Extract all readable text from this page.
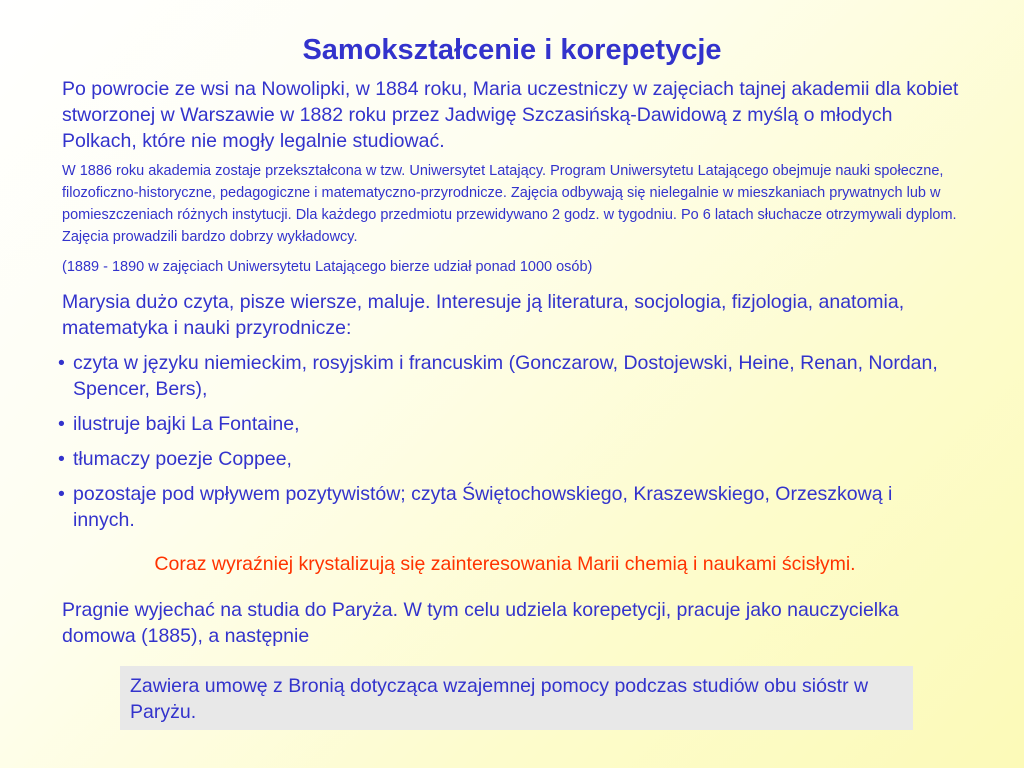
Samokształcenie i korepetycje

Po powrocie ze wsi na Nowolipki, w 1884 roku, Maria uczestniczy w zajęciach tajnej akademii dla kobiet stworzonej w Warszawie w 1882 roku przez Jadwigę Szczasińską-Dawidową z myślą o młodych Polkach, które nie mogły legalnie studiować.

W 1886 roku akademia zostaje przekształcona w tzw. Uniwersytet Latający. Program Uniwersytetu Latającego obejmuje nauki społeczne, filozoficzno-historyczne, pedagogiczne i matematyczno-przyrodnicze. Zajęcia odbywają się nielegalnie w mieszkaniach prywatnych lub w pomieszczeniach różnych instytucji. Dla każdego przedmiotu przewidywano 2 godz. w tygodniu. Po 6 latach słuchacze otrzymywali dyplom. Zajęcia prowadzili bardzo dobrzy wykładowcy.

(1889 - 1890 w zajęciach Uniwersytetu Latającego bierze udział ponad 1000 osób)

Marysia dużo czyta, pisze wiersze, maluje. Interesuje ją literatura, socjologia, fizjologia, anatomia, matematyka i nauki przyrodnicze:

• czyta w języku niemieckim, rosyjskim i francuskim (Gonczarow, Dostojewski, Heine, Renan, Nordan, Spencer, Bers),
• ilustruje bajki La Fontaine,
• tłumaczy poezje Coppee,
• pozostaje pod wpływem pozytywistów; czyta Świętochowskiego, Kraszewskiego, Orzeszkową i innych.

Coraz wyraźniej krystalizują się zainteresowania Marii chemią i naukami ścisłymi.

Pragnie wyjechać na studia do Paryża. W tym celu udziela korepetycji, pracuje jako nauczycielka domowa (1885), a następnie

Zawiera umowę z Bronią dotycząca wzajemnej pomocy podczas studiów obu sióstr w Paryżu.
